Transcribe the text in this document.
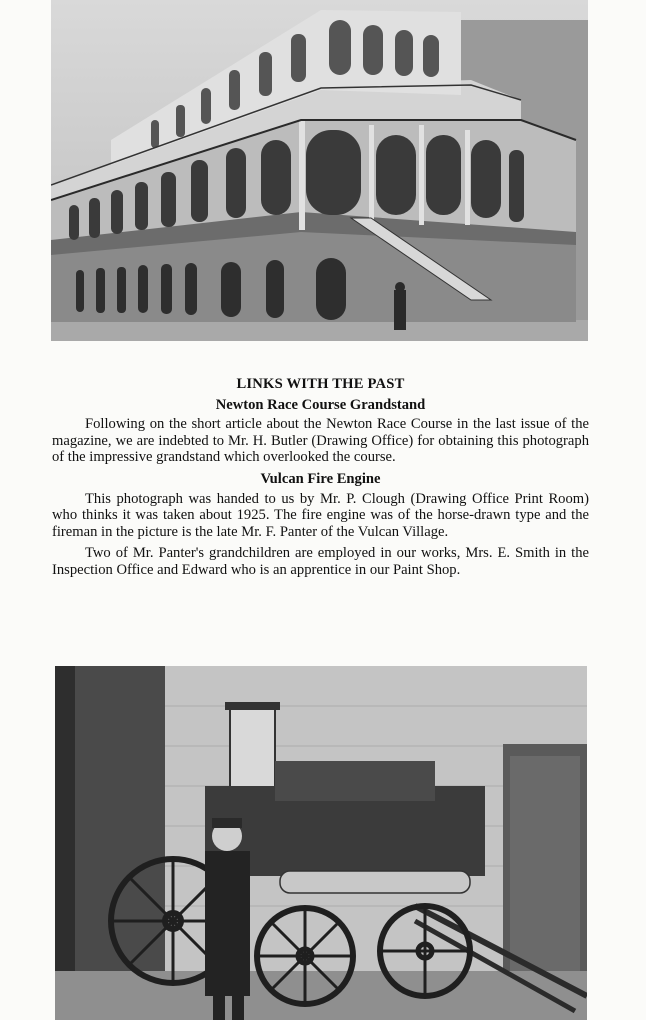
LINKS WITH THE PAST
Newton Race Course Grandstand

Following on the short article about the Newton Race Course in the last issue of the magazine, we are indebted to Mr. H. Butler (Drawing Office) for obtaining this photograph of the impressive grandstand which overlooked the course.

Vulcan Fire Engine

This photograph was handed to us by Mr. P. Clough (Drawing Office Print Room) who thinks it was taken about 1925. The fire engine was of the horse-drawn type and the fireman in the picture is the late Mr. F. Panter of the Vulcan Village.

Two of Mr. Panter's grandchildren are employed in our works, Mrs. E. Smith in the Inspection Office and Edward who is an apprentice in our Paint Shop.
